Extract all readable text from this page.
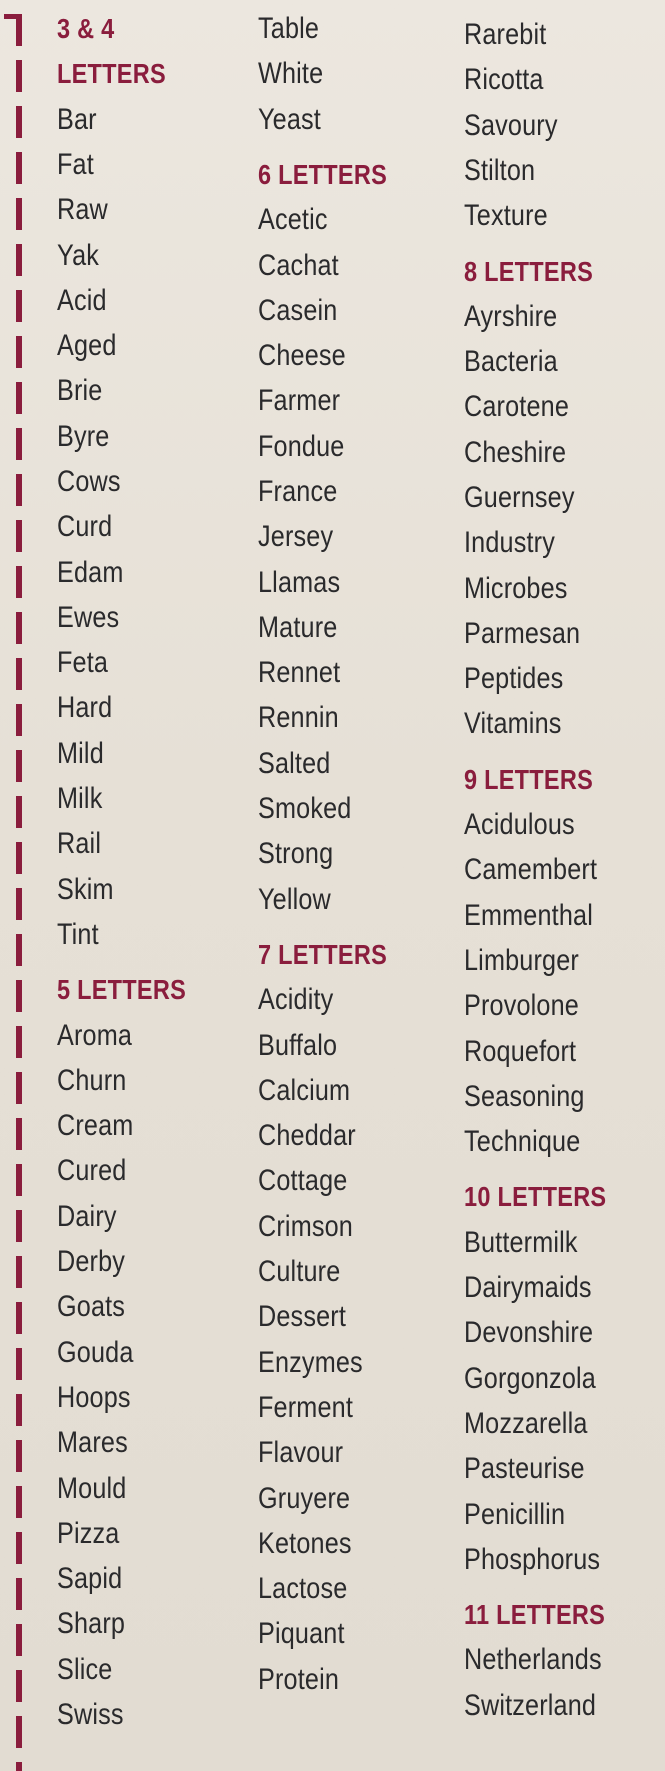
3 & 4
LETTERS
Bar
Fat
Raw
Yak
Acid
Aged
Brie
Byre
Cows
Curd
Edam
Ewes
Feta
Hard
Mild
Milk
Rail
Skim
Tint
5 LETTERS
Aroma
Churn
Cream
Cured
Dairy
Derby
Goats
Gouda
Hoops
Mares
Mould
Pizza
Sapid
Sharp
Slice
Swiss
Table
White
Yeast
6 LETTERS
Acetic
Cachat
Casein
Cheese
Farmer
Fondue
France
Jersey
Llamas
Mature
Rennet
Rennin
Salted
Smoked
Strong
Yellow
7 LETTERS
Acidity
Buffalo
Calcium
Cheddar
Cottage
Crimson
Culture
Dessert
Enzymes
Ferment
Flavour
Gruyere
Ketones
Lactose
Piquant
Protein
Rarebit
Ricotta
Savoury
Stilton
Texture
8 LETTERS
Ayrshire
Bacteria
Carotene
Cheshire
Guernsey
Industry
Microbes
Parmesan
Peptides
Vitamins
9 LETTERS
Acidulous
Camembert
Emmenthal
Limburger
Provolone
Roquefort
Seasoning
Technique
10 LETTERS
Buttermilk
Dairymaids
Devonshire
Gorgonzola
Mozzarella
Pasteurise
Penicillin
Phosphorus
11 LETTERS
Netherlands
Switzerland
